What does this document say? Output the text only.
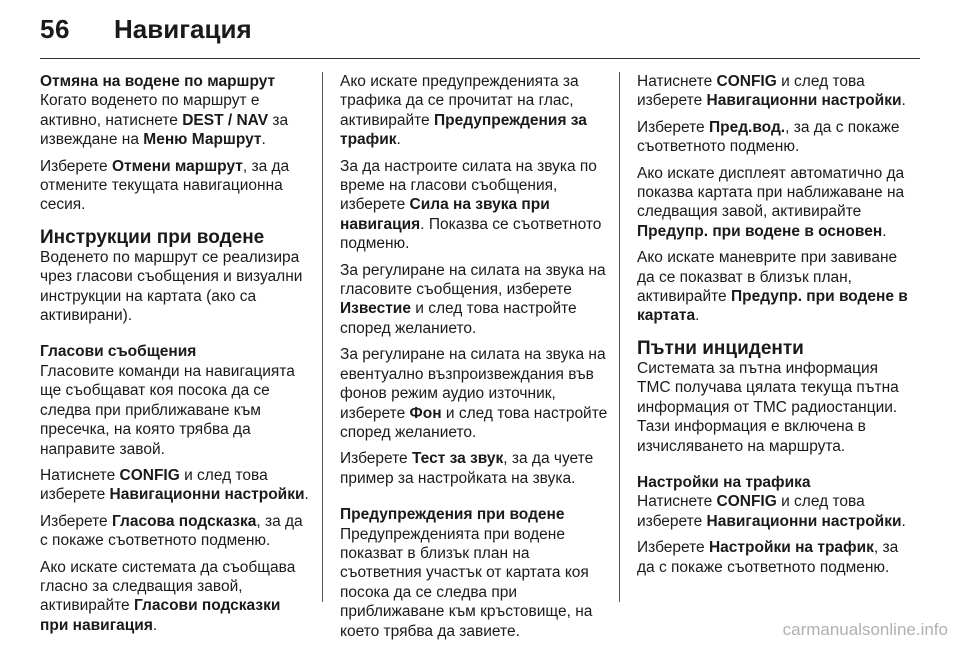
56 Навигация

Отмяна на водене по маршрут

Когато воденето по маршрут е активно, натиснете DEST / NAV за извеждане на Меню Маршрут.

Изберете Отмени маршрут, за да отмените текущата навигационна сесия.

Инструкции при водене

Воденето по маршрут се реализира чрез гласови съобщения и визуални инструкции на картата (ако са активирани).

Гласови съобщения

Гласовите команди на навигацията ще съобщават коя посока да се следва при приближаване към пресечка, на която трябва да направите завой.

Натиснете CONFIG и след това изберете Навигационни настройки.

Изберете Гласова подсказка, за да с покаже съответното подменю.

Ако искате системата да съобщава гласно за следващия завой, активирайте Гласови подсказки при навигация.

Ако искате предупрежденията за трафика да се прочитат на глас, активирайте Предупреждения за трафик.

За да настроите силата на звука по време на гласови съобщения, изберете Сила на звука при навигация. Показва се съответното подменю.

За регулиране на силата на звука на гласовите съобщения, изберете Известие и след това настройте според желанието.

За регулиране на силата на звука на евентуално възпроизвеждания във фонов режим аудио източник, изберете Фон и след това настройте според желанието.

Изберете Тест за звук, за да чуете пример за настройката на звука.

Предупреждения при водене

Предупрежденията при водене показват в близък план на съответния участък от картата коя посока да се следва при приближаване към кръстовище, на което трябва да завиете.

Натиснете CONFIG и след това изберете Навигационни настройки.

Изберете Пред.вод., за да с покаже съответното подменю.

Ако искате дисплеят автоматично да показва картата при наближаване на следващия завой, активирайте Предупр. при водене в основен.

Ако искате маневрите при завиване да се показват в близък план, активирайте Предупр. при водене в картата.

Пътни инциденти

Системата за пътна информация TMC получава цялата текуща пътна информация от TMC радиостанции. Тази информация е включена в изчисляването на маршрута.

Настройки на трафика

Натиснете CONFIG и след това изберете Навигационни настройки.

Изберете Настройки на трафик, за да с покаже съответното подменю.

carmanualsonline.info
